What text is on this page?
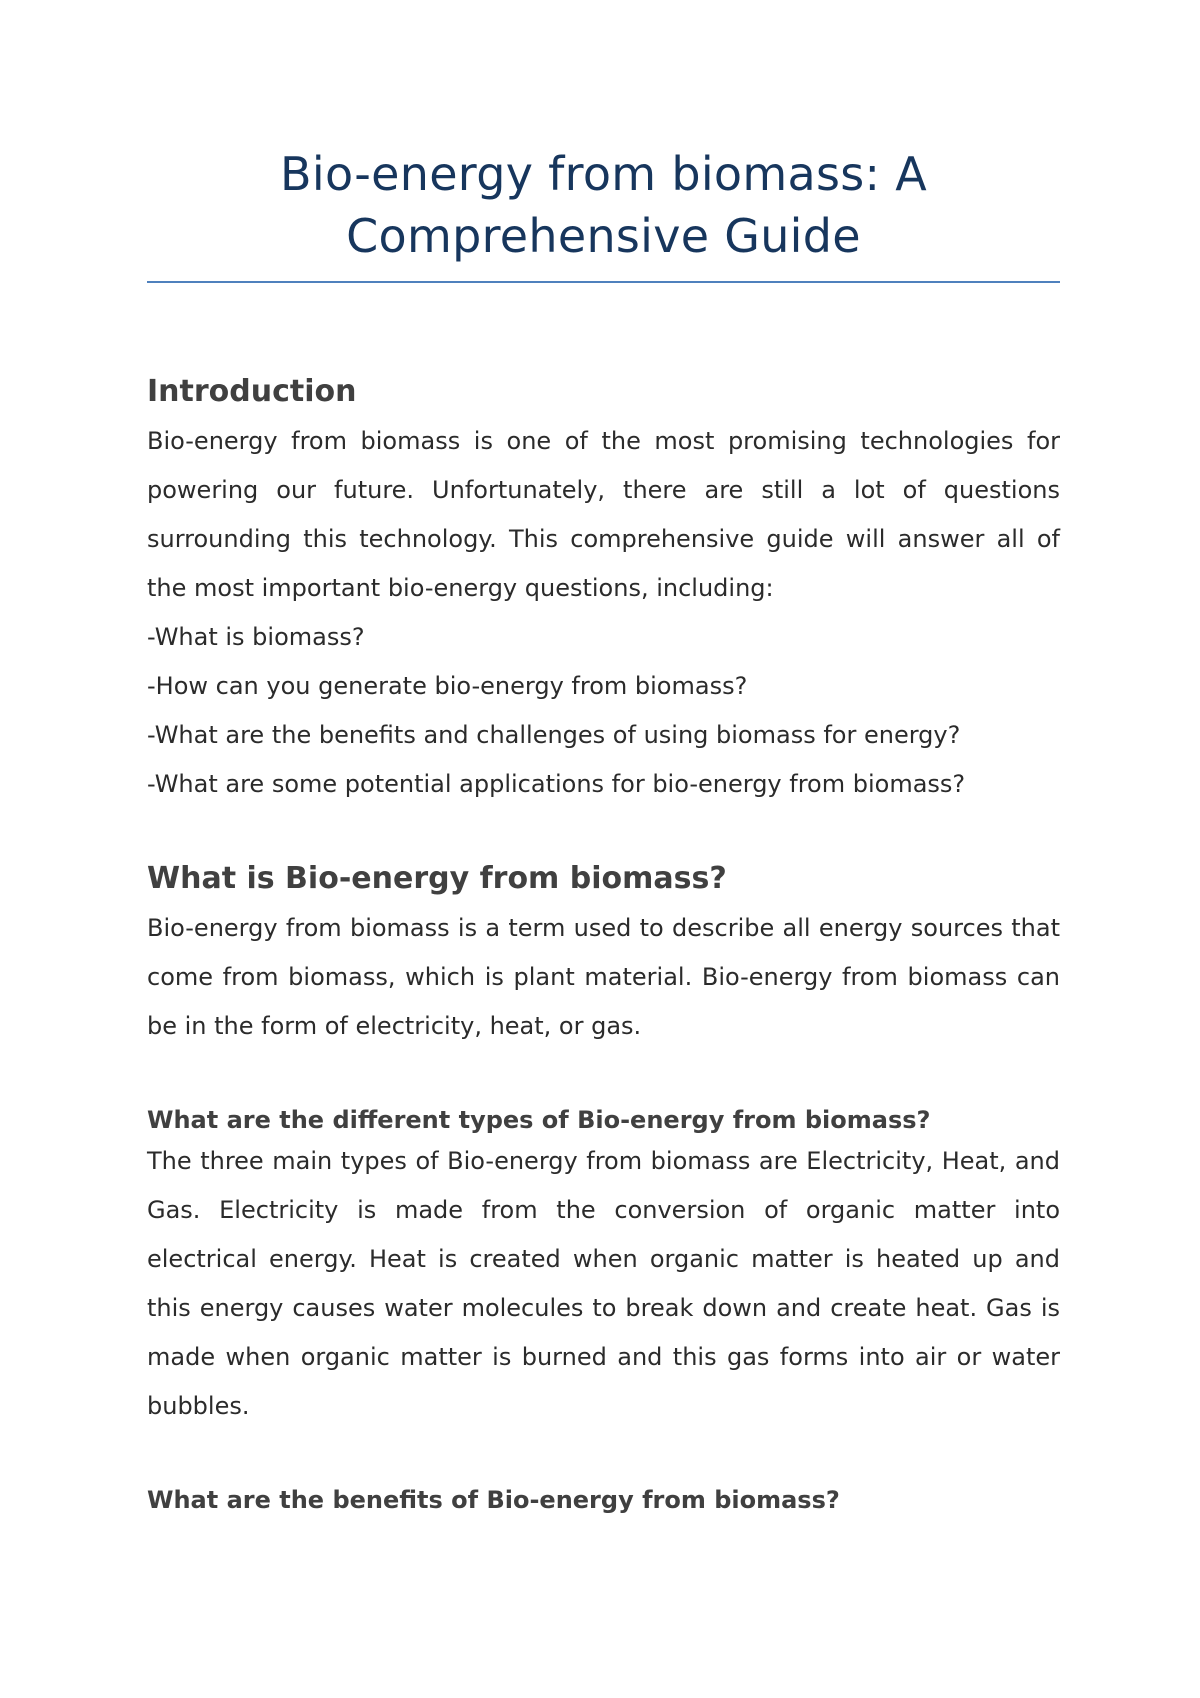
Bio-energy from biomass: A Comprehensive Guide
Introduction

Bio-energy from biomass is one of the most promising technologies for powering our future. Unfortunately, there are still a lot of questions surrounding this technology. This comprehensive guide will answer all of the most important bio-energy questions, including:

-What is biomass?
-How can you generate bio-energy from biomass?
-What are the benefits and challenges of using biomass for energy?
-What are some potential applications for bio-energy from biomass?
What is Bio-energy from biomass?

Bio-energy from biomass is a term used to describe all energy sources that come from biomass, which is plant material. Bio-energy from biomass can be in the form of electricity, heat, or gas.

What are the different types of Bio-energy from biomass?

The three main types of Bio-energy from biomass are Electricity, Heat, and Gas. Electricity is made from the conversion of organic matter into electrical energy. Heat is created when organic matter is heated up and this energy causes water molecules to break down and create heat. Gas is made when organic matter is burned and this gas forms into air or water bubbles.

What are the benefits of Bio-energy from biomass?
